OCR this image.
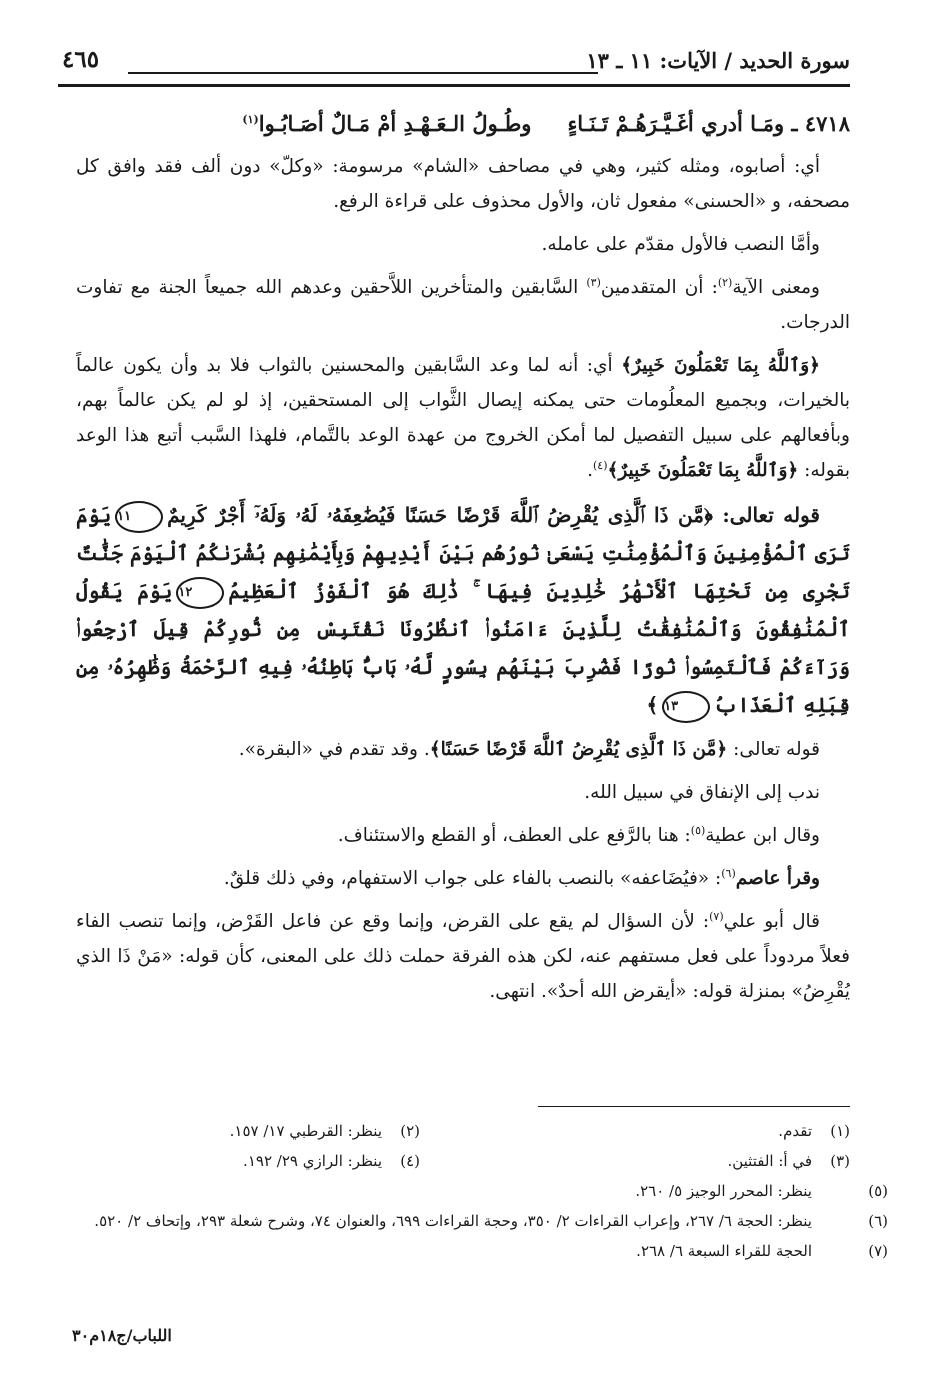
سورة الحديد / الآيات: ١١ ـ ١٣
٤٦٥

٤٧١٨ ـ ومَـا أدري أغَـيَّـرَهُـمْ تَـنَـاءٍوطُـولُ الـعَـهْـدِ أمْ مَـالٌ أصَـابُـوا$^{(١)}$

أي: أصابوه، ومثله كثير، وهي في مصاحف «الشام» مرسومة: «وكلّ» دون ألف فقد وافق كل مصحفه، و «الحسنى» مفعول ثان، والأول محذوف على قراءة الرفع.

وأمَّا النصب فالأول مقدّم على عامله.

ومعنى الآية$^{(٢)}$: أن المتقدمين$^{(٣)}$ السَّابقين والمتأخرين اللاَّحقين وعدهم الله جميعاً الجنة مع تفاوت الدرجات.

﴿وَٱللَّهُ بِمَا تَعْمَلُونَ خَبِيرٌ﴾ أي: أنه لما وعد السَّابقين والمحسنين بالثواب فلا بد وأن يكون عالماً بالخيرات، وبجميع المعلُومات حتى يمكنه إيصال الثَّواب إلى المستحقين، إذ لو لم يكن عالماً بهم، وبأفعالهم على سبيل التفصيل لما أمكن الخروج من عهدة الوعد بالتَّمام، فلهذا السَّبب أتبع هذا الوعد بقوله: ﴿وَٱللَّهُ بِمَا تَعْمَلُونَ خَبِيرٌ﴾$^{(٤)}$.

قوله تعالى: ﴿مَّن ذَا ٱلَّذِى يُقْرِضُ ٱللَّهَ قَرْضًا حَسَنًا فَيُضَٰعِفَهُۥ لَهُۥ وَلَهُۥٓ أَجْرٌ كَرِيمٌ١١يَوْمَ تَرَى ٱلْمُؤْمِنِينَ وَٱلْمُؤْمِنَٰتِ يَسْعَىٰ نُورُهُم بَيْنَ أَيْدِيهِمْ وَبِأَيْمَٰنِهِم بُشْرَىٰكُمُ ٱلْيَوْمَ جَنَّٰتٌ تَجْرِى مِن تَحْتِهَا ٱلْأَنْهَٰرُ خَٰلِدِينَ فِيهَا ۚ ذَٰلِكَ هُوَ ٱلْفَوْزُ ٱلْعَظِيمُ١٢يَوْمَ يَقُولُ ٱلْمُنَٰفِقُونَ وَٱلْمُنَٰفِقَٰتُ لِلَّذِينَ ءَامَنُوا۟ ٱنظُرُونَا نَقْتَبِسْ مِن نُّورِكُمْ قِيلَ ٱرْجِعُوا۟ وَرَآءَكُمْ فَٱلْتَمِسُوا۟ نُورًا فَضُرِبَ بَيْنَهُم بِسُورٍ لَّهُۥ بَابٌۢ بَاطِنُهُۥ فِيهِ ٱلرَّحْمَةُ وَظَٰهِرُهُۥ مِن قِبَلِهِ ٱلْعَذَابُ١٣﴾

قوله تعالى: ﴿مَّن ذَا ٱلَّذِى يُقْرِضُ ٱللَّهَ قَرْضًا حَسَنًا﴾. وقد تقدم في «البقرة».

ندب إلى الإنفاق في سبيل الله.

وقال ابن عطية$^{(٥)}$: هنا بالرَّفع على العطف، أو القطع والاستئناف.

وقرأ عاصم$^{(٦)}$: «فيُضَاعفه» بالنصب بالفاء على جواب الاستفهام، وفي ذلك قلقٌ.

قال أبو علي$^{(٧)}$: لأن السؤال لم يقع على القرض، وإنما وقع عن فاعل القَرْض، وإنما تنصب الفاء فعلاً مردوداً على فعل مستفهم عنه، لكن هذه الفرقة حملت ذلك على المعنى، كأن قوله: «مَنْ ذَا الذي يُقْرِضُ» بمنزلة قوله: «أيقرض الله أحدٌ». انتهى.

(١)تقدم.
(٢)ينظر: القرطبي ١٧/ ١٥٧.
(٣)في أ: الفتثين.
(٤)ينظر: الرازي ٢٩/ ١٩٢.
(٥)ينظر: المحرر الوجيز ٥/ ٢٦٠.
(٦)ينظر: الحجة ٦/ ٢٦٧، وإعراب القراءات ٢/ ٣٥٠، وحجة القراءات ٦٩٩، والعنوان ٧٤، وشرح شعلة ٢٩٣، وإتحاف ٢/ ٥٢٠.
(٧)الحجة للقراء السبعة ٦/ ٢٦٨.
اللباب/ج١٨م٣٠
